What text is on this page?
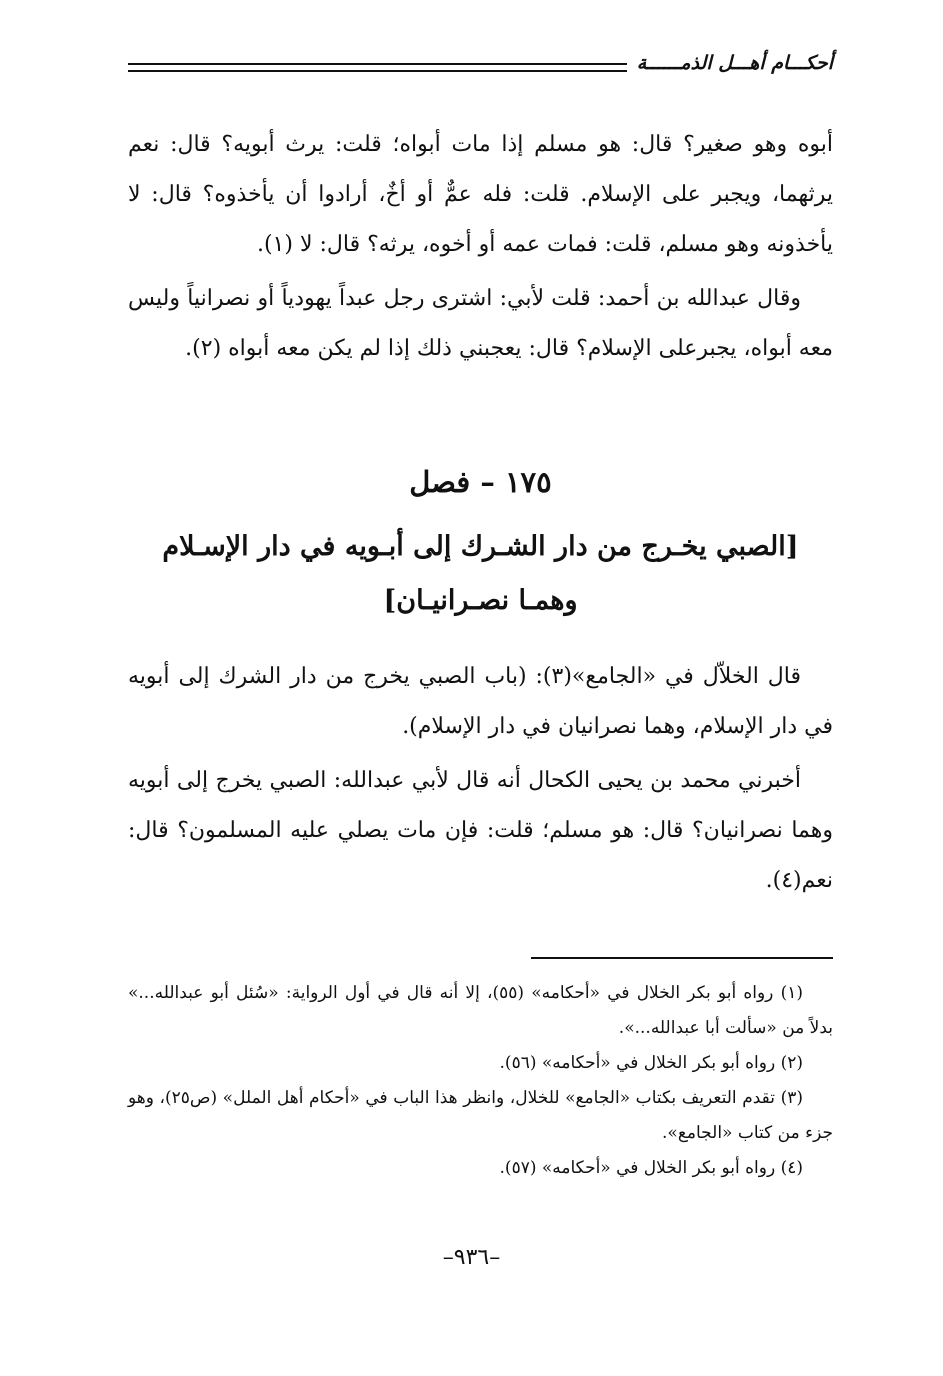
أحكـــام أهـــل الذمــــــة

أبوه وهو صغير؟ قال: هو مسلم إذا مات أبواه؛ قلت: يرث أبويه؟ قال: نعم يرثهما، ويجبر على الإسلام. قلت: فله عمٌّ أو أخٌ، أرادوا أن يأخذوه؟ قال: لا يأخذونه وهو مسلم، قلت: فمات عمه أو أخوه، يرثه؟ قال: لا (١).

وقال عبدالله بن أحمد: قلت لأبي: اشترى رجل عبداً يهودياً أو نصرانياً وليس معه أبواه، يجبرعلى الإسلام؟ قال: يعجبني ذلك إذا لم يكن معه أبواه (٢).

١٧٥ – فصل
[الصبي يخـرج من دار الشـرك إلى أبـويه في دار الإسـلام
وهمـا نصـرانيـان]

قال الخلاّل في «الجامع»(٣): (باب الصبي يخرج من دار الشرك إلى أبويه في دار الإسلام، وهما نصرانيان في دار الإسلام).

أخبرني محمد بن يحيى الكحال أنه قال لأبي عبدالله: الصبي يخرج إلى أبويه وهما نصرانيان؟ قال: هو مسلم؛ قلت: فإن مات يصلي عليه المسلمون؟ قال: نعم(٤).

(١) رواه أبو بكر الخلال في «أحكامه» (٥٥)، إلا أنه قال في أول الرواية: «سُئل أبو عبدالله...» بدلاً من «سألت أبا عبدالله...».

(٢) رواه أبو بكر الخلال في «أحكامه» (٥٦).

(٣) تقدم التعريف بكتاب «الجامع» للخلال، وانظر هذا الباب في «أحكام أهل الملل» (ص٢٥)، وهو جزء من كتاب «الجامع».

(٤) رواه أبو بكر الخلال في «أحكامه» (٥٧).

–٩٣٦–
